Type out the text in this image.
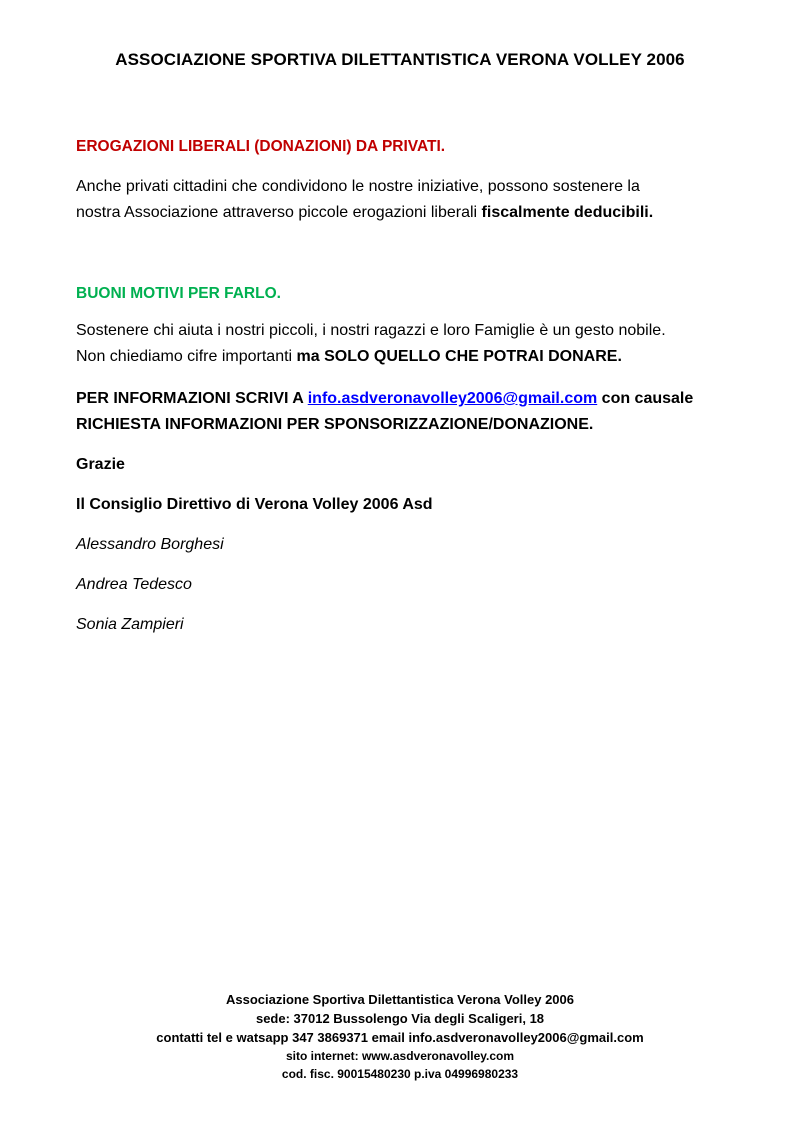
ASSOCIAZIONE SPORTIVA DILETTANTISTICA VERONA VOLLEY 2006
EROGAZIONI LIBERALI (DONAZIONI) DA PRIVATI.
Anche privati cittadini che condividono le nostre iniziative, possono sostenere la
nostra Associazione attraverso piccole erogazioni liberali fiscalmente deducibili.
BUONI MOTIVI PER FARLO.
Sostenere chi aiuta i nostri piccoli, i nostri ragazzi e loro Famiglie è un gesto nobile.
Non chiediamo cifre importanti ma SOLO QUELLO CHE POTRAI DONARE.
PER INFORMAZIONI SCRIVI A info.asdveronavolley2006@gmail.com con causale
RICHIESTA INFORMAZIONI PER SPONSORIZZAZIONE/DONAZIONE.
Grazie
Il Consiglio Direttivo di Verona Volley 2006 Asd
Alessandro Borghesi
Andrea Tedesco
Sonia Zampieri
Associazione Sportiva Dilettantistica Verona Volley 2006
sede: 37012 Bussolengo Via degli Scaligeri, 18
contatti tel e watsapp 347 3869371 email info.asdveronavolley2006@gmail.com
sito internet: www.asdveronavolley.com
cod. fisc. 90015480230 p.iva 04996980233
